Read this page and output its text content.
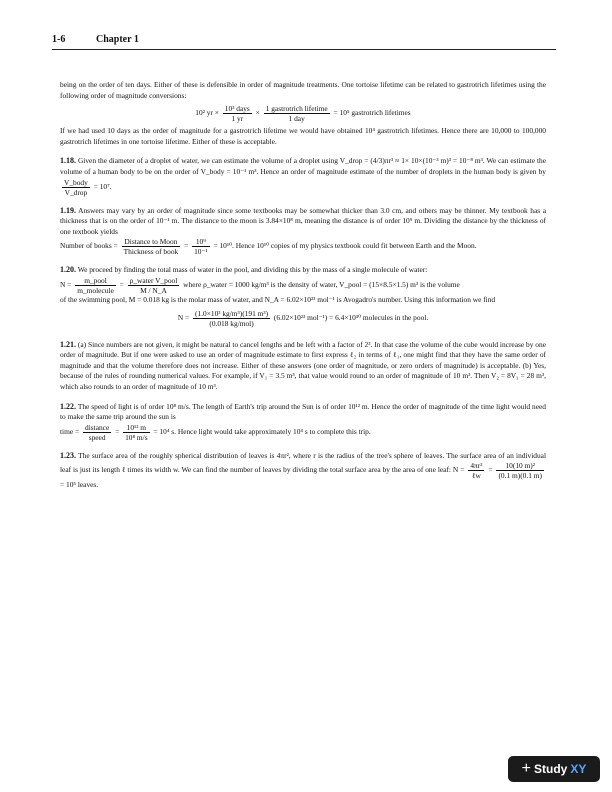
1-6	Chapter 1

being on the order of ten days. Either of these is defensible in order of magnitude treatments. One tortoise lifetime can be related to gastrotrich lifetimes using the following order of magnitude conversions:

10² yr × 10³ days
1 yr
× 1 gastrotrich lifetime
1 day
= 10⁵ gastrotrich lifetimes

If we had used 10 days as the order of magnitude for a gastrotrich lifetime we would have obtained 10⁴ gastrotrich lifetimes. Hence there are 10,000 to 100,000 gastrotrich lifetimes in one tortoise lifetime. Either of these is acceptable.

1.18. Given the diameter of a droplet of water, we can estimate the volume of a droplet using V_drop = (4/3)πr³ ≈ 1× 10×(10⁻³ m)³ = 10⁻⁸ m³. We can estimate the volume of a human body to be on the order of V_body = 10⁻¹ m³. Hence an order of magnitude estimate of the number of droplets in the human body is given by
V_body
V_drop
= 10⁷.

1.19. Answers may vary by an order of magnitude since some textbooks may be somewhat thicker than 3.0 cm, and others may be thinner. My textbook has a thickness that is on the order of 10⁻¹ m. The distance to the moon is 3.84×10⁸ m, meaning the distance is of order 10⁹ m. Dividing the distance by the thickness of one textbook yields

Number of books = Distance to Moon
Thickness of book
= $\frac{\text{10⁹}}{\text{10⁻¹}} = 10^{10}$. Hence 10¹⁰ copies of my physics textbook could fit between Earth and the Moon.

1.20. We proceed by finding the total mass of water in the pool, and dividing this by the mass of a single molecule of water:

N =	m_pool
m_molecule
= ρ_water V_pool
M / N_A
where ρ_water = 1000 kg/m³ is the density of water, V_pool = (15×8.5×1.5) m³ is the volume

of the swimming pool, M = 0.018 kg is the molar mass of water, and N_A = 6.02×10²³ mol⁻¹ is Avogadro's number. Using this information we find

N = (1.0×10³ kg/m³)(191 m³)
(0.018 kg/mol)
(6.02×10²³ mol⁻¹) = 6.4×10³⁰ molecules in the pool.

1.21. (a) Since numbers are not given, it might be natural to cancel lengths and be left with a factor of 2³. In that case the volume of the cube would increase by one order of magnitude. But if one were asked to use an order of magnitude estimate to first express ℓ₂ in terms of ℓ₁, one might find that they have the same order of magnitude and that the volume therefore does not increase. Either of these answers (one order of magnitude, or zero orders of magnitude) is acceptable. (b) Yes, because of the rules of rounding numerical values. For example, if V₁ = 3.5 m³, that value would round to an order of magnitude of 10 m³. Then V₂ = 8V₁ = 28 m³, which also rounds to an order of magnitude of 10 m³.

1.22. The speed of light is of order 10⁸ m/s. The length of Earth's trip around the Sun is of order 10¹² m. Hence the order of magnitude of the time light would need to make the same trip around the sun is

time = distance
speed
= $\frac{\text{10¹² m}}{\text{10⁸ m/s}} = 10^4$ s. Hence light would take approximately 10⁴ s to complete this trip.

1.23. The surface area of the roughly spherical distribution of leaves is 4πr², where r is the radius of the tree's sphere of leaves. The surface area of an individual leaf is just its length ℓ times its width w. We can find the number of leaves by dividing the total surface area by the area of one leaf: N = 4πr²
ℓw
= $\frac{\text{10(10 m)²}}{(0.1 m)(0.1 m)}$
= 10⁵ leaves.

+ Study XY
